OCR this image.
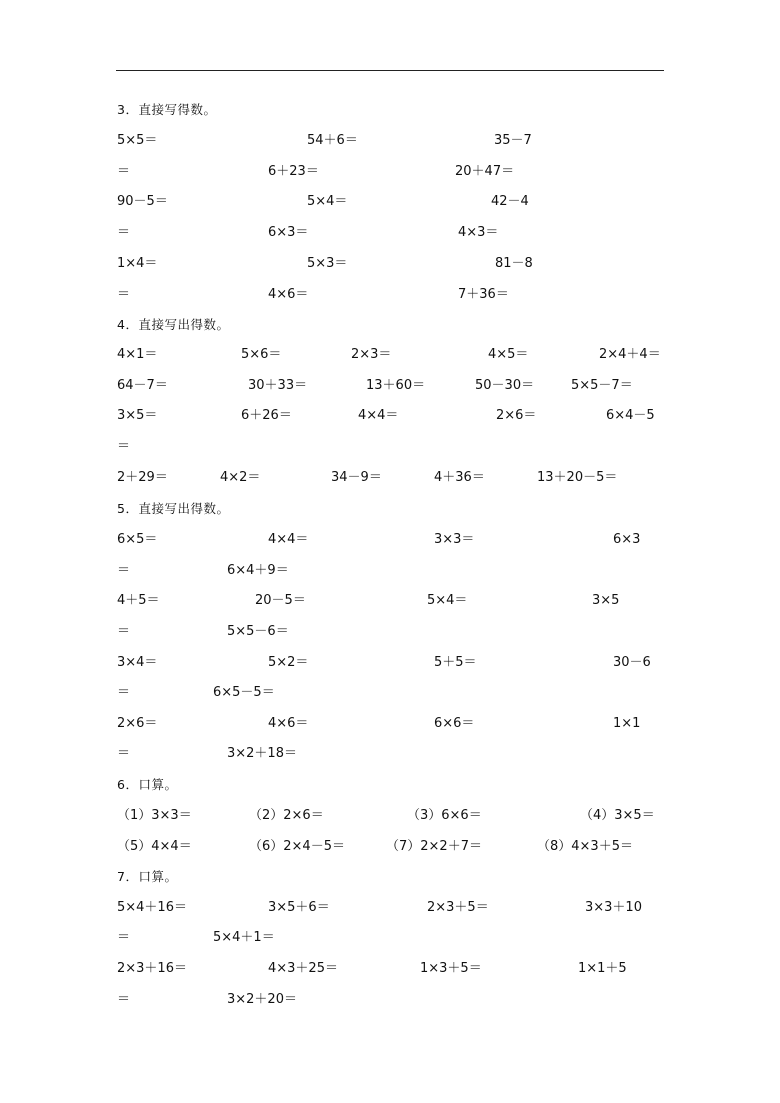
3．直接写得数。
5×5＝	54＋6＝	35－7
＝	6＋23＝	20＋47＝
90－5＝	5×4＝	42－4
＝	6×3＝	4×3＝
1×4＝	5×3＝	81－8
＝	4×6＝	7＋36＝
4．直接写出得数。
4×1＝	5×6＝	2×3＝	4×5＝	2×4＋4＝
64－7＝	30＋33＝	13＋60＝	50－30＝	5×5－7＝
3×5＝	6＋26＝	4×4＝	2×6＝	6×4－5
＝
2＋29＝	4×2＝	34－9＝	4＋36＝	13＋20－5＝
5．直接写出得数。
6×5＝	4×4＝	3×3＝	6×3
＝	6×4＋9＝
4＋5＝	20－5＝	5×4＝	3×5
＝	5×5－6＝
3×4＝	5×2＝	5＋5＝	30－6
＝	6×5－5＝
2×6＝	4×6＝	6×6＝	1×1
＝	3×2＋18＝
6．口算。
（1）3×3＝	（2）2×6＝	（3）6×6＝	（4）3×5＝
（5）4×4＝	（6）2×4－5＝	（7）2×2＋7＝	（8）4×3＋5＝
7．口算。
5×4＋16＝	3×5＋6＝	2×3＋5＝	3×3＋10
＝	5×4＋1＝
2×3＋16＝	4×3＋25＝	1×3＋5＝	1×1＋5
＝	3×2＋20＝
